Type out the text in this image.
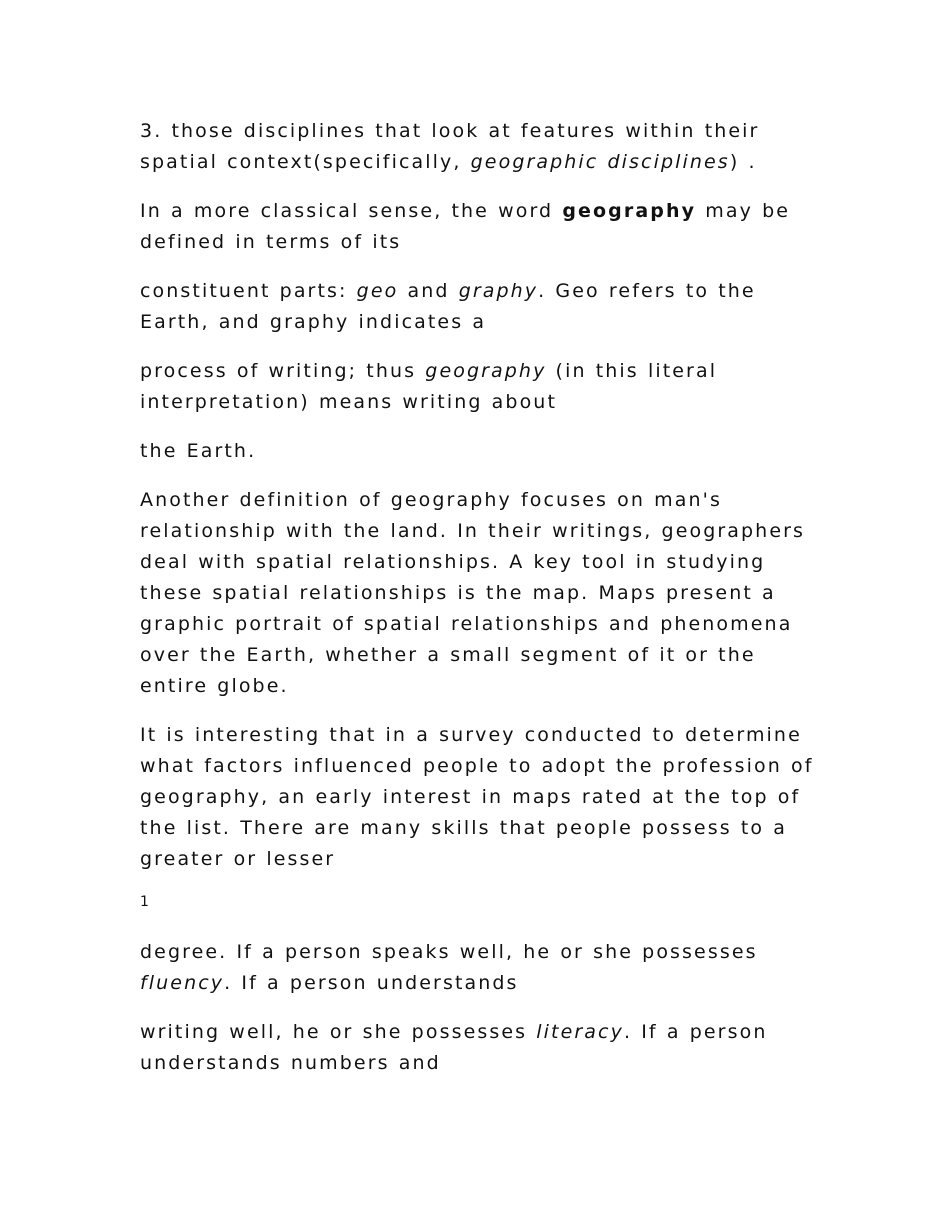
3. those disciplines that look at features within their spatial context(specifically, geographic disciplines) .

In a more classical sense, the word geography may be defined in terms of its

constituent parts: geo and graphy. Geo refers to the Earth, and graphy indicates a

process of writing; thus geography (in this literal interpretation) means writing about

the Earth.

Another definition of geography focuses on man's relationship with the land. In their writings, geographers deal with spatial relationships. A key tool in studying these spatial relationships is the map. Maps present a graphic portrait of spatial relationships and phenomena over the Earth, whether a small segment of it or the entire globe.

It is interesting that in a survey conducted to determine what factors influenced people to adopt the profession of geography, an early interest in maps rated at the top of the list. There are many skills that people possess to a greater or lesser

1

degree. If a person speaks well, he or she possesses fluency. If a person understands

writing well, he or she possesses literacy. If a person understands numbers and
